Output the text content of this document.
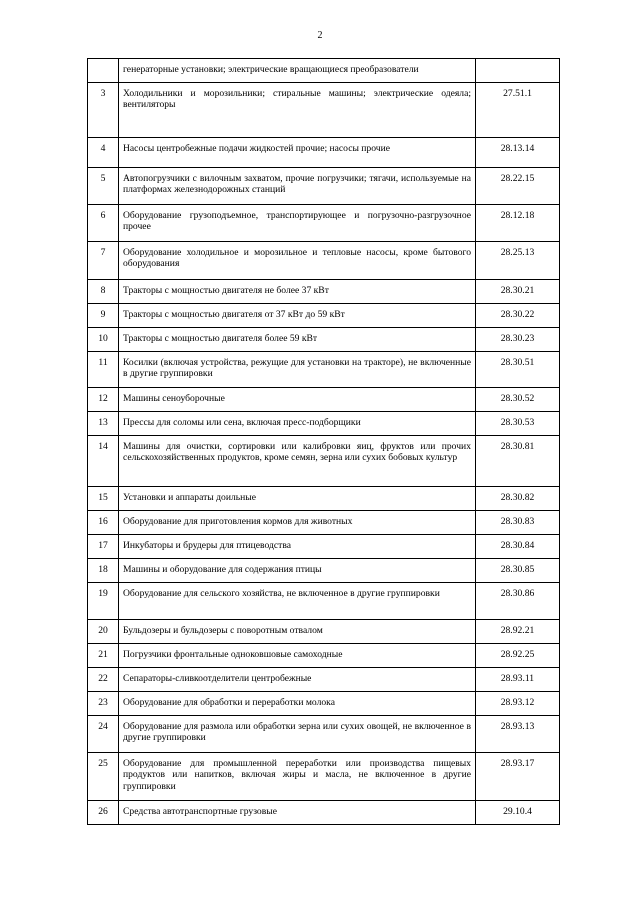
2
	генераторные установки; электрические вращающиеся преобразователи	
3	Холодильники и морозильники; стиральные машины; электрические одеяла; вентиляторы	27.51.1
4	Насосы центробежные подачи жидкостей прочие; насосы прочие	28.13.14
5	Автопогрузчики с вилочным захватом, прочие погрузчики; тягачи, используемые на платформах железнодорожных станций	28.22.15
6	Оборудование грузоподъемное, транспортирующее и погрузочно-разгрузочное прочее	28.12.18
7	Оборудование холодильное и морозильное и тепловые насосы, кроме бытового оборудования	28.25.13
8	Тракторы с мощностью двигателя не более 37 кВт	28.30.21
9	Тракторы с мощностью двигателя от 37 кВт до 59 кВт	28.30.22
10	Тракторы с мощностью двигателя более 59 кВт	28.30.23
11	Косилки (включая устройства, режущие для установки на тракторе), не включенные в другие группировки	28.30.51
12	Машины сеноуборочные	28.30.52
13	Прессы для соломы или сена, включая пресс-подборщики	28.30.53
14	Машины для очистки, сортировки или калибровки яиц, фруктов или прочих сельскохозяйственных продуктов, кроме семян, зерна или сухих бобовых культур	28.30.81
15	Установки и аппараты доильные	28.30.82
16	Оборудование для приготовления кормов для животных	28.30.83
17	Инкубаторы и брудеры для птицеводства	28.30.84
18	Машины и оборудование для содержания птицы	28.30.85
19	Оборудование для сельского хозяйства, не включенное в другие группировки	28.30.86
20	Бульдозеры и бульдозеры с поворотным отвалом	28.92.21
21	Погрузчики фронтальные одноковшовые самоходные	28.92.25
22	Сепараторы-сливкоотделители центробежные	28.93.11
23	Оборудование для обработки и переработки молока	28.93.12
24	Оборудование для размола или обработки зерна или сухих овощей, не включенное в другие группировки	28.93.13
25	Оборудование для промышленной переработки или производства пищевых продуктов или напитков, включая жиры и масла, не включенное в другие группировки	28.93.17
26	Средства автотранспортные грузовые	29.10.4
